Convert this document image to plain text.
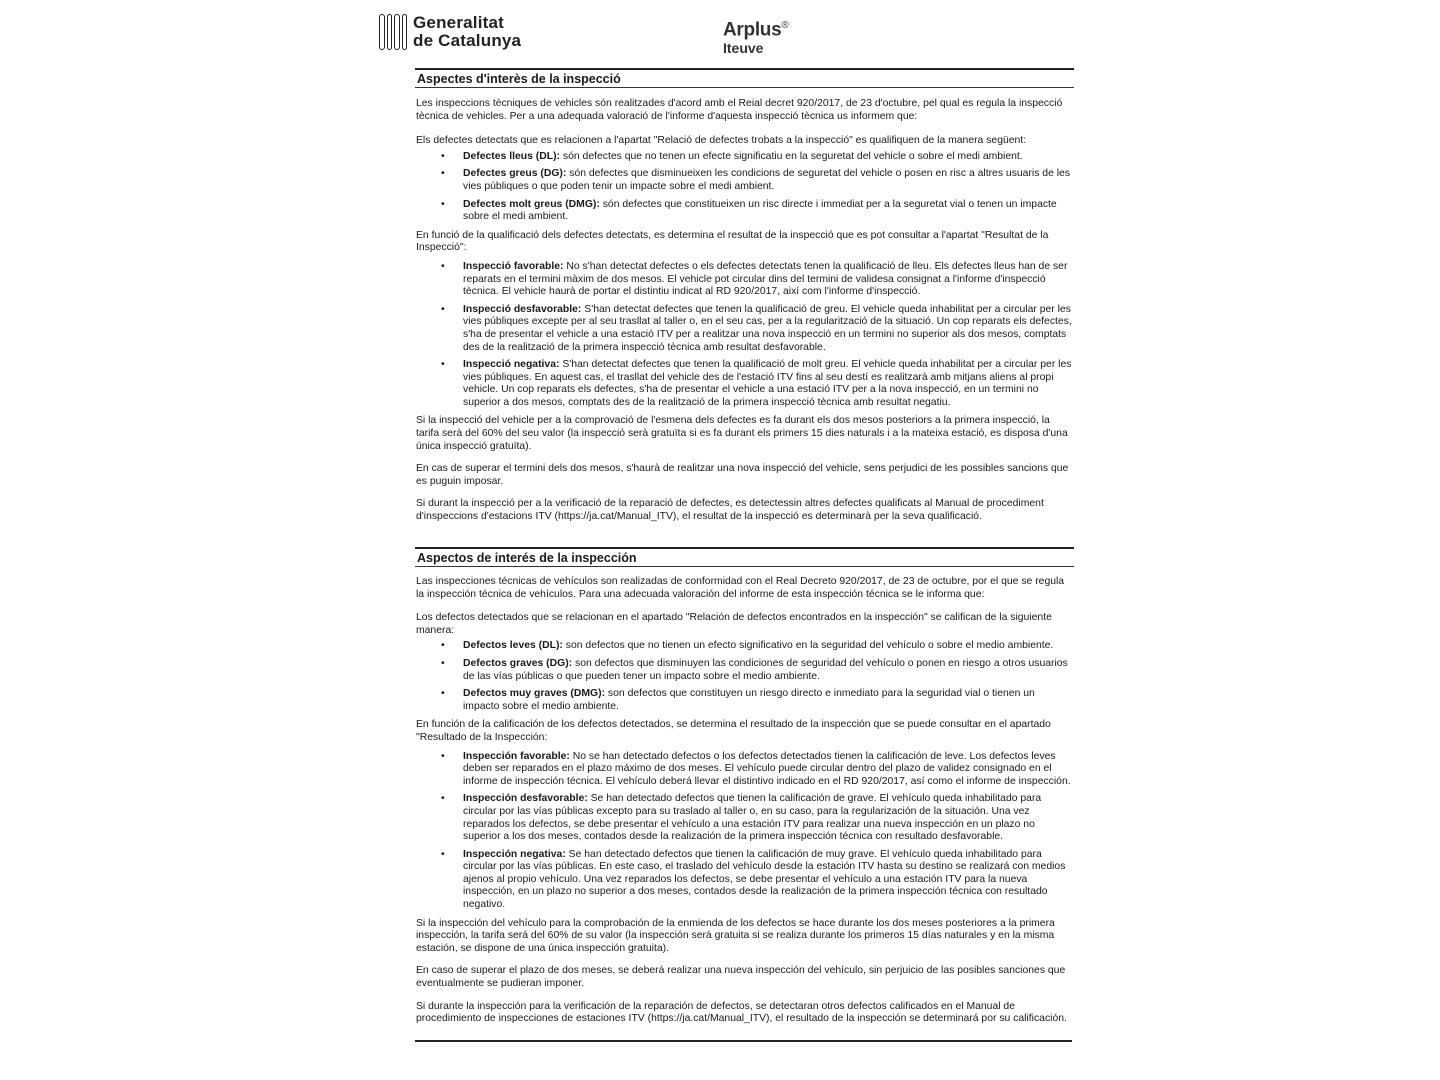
Generalitat
de Catalunya
Arplus®
Iteuve
Aspectes d'interès de la inspecció

Les inspeccions tècniques de vehicles són realitzades d'acord amb el Reial decret 920/2017, de 23 d'octubre, pel qual es regula la inspecció tècnica de vehicles. Per a una adequada valoració de l'informe d'aquesta inspecció tècnica us informem que:

Els defectes detectats que es relacionen a l'apartat "Relació de defectes trobats a la inspecció" es qualifiquen de la manera següent:

• Defectes lleus (DL): són defectes que no tenen un efecte significatiu en la seguretat del vehicle o sobre el medi ambient.
• Defectes greus (DG): són defectes que disminueixen les condicions de seguretat del vehicle o posen en risc a altres usuaris de les vies públiques o que poden tenir un impacte sobre el medi ambient.
• Defectes molt greus (DMG): són defectes que constitueixen un risc directe i immediat per a la seguretat vial o tenen un impacte sobre el medi ambient.

En funció de la qualificació dels defectes detectats, es determina el resultat de la inspecció que es pot consultar a l'apartat "Resultat de la Inspecció":

• Inspecció favorable: No s'han detectat defectes o els defectes detectats tenen la qualificació de lleu. Els defectes lleus han de ser reparats en el termini màxim de dos mesos. El vehicle pot circular dins del termini de validesa consignat a l'informe d'inspecció tècnica. El vehicle haurà de portar el distintiu indicat al RD 920/2017, així com l'informe d'inspecció.
• Inspecció desfavorable: S'han detectat defectes que tenen la qualificació de greu. El vehicle queda inhabilitat per a circular per les vies públiques excepte per al seu trasllat al taller o, en el seu cas, per a la regularització de la situació. Un cop reparats els defectes, s'ha de presentar el vehicle a una estació ITV per a realitzar una nova inspecció en un termini no superior als dos mesos, comptats des de la realització de la primera inspecció tècnica amb resultat desfavorable.
• Inspecció negativa: S'han detectat defectes que tenen la qualificació de molt greu. El vehicle queda inhabilitat per a circular per les vies públiques. En aquest cas, el trasllat del vehicle des de l'estació ITV fins al seu destí es realitzarà amb mitjans aliens al propi vehicle. Un cop reparats els defectes, s'ha de presentar el vehicle a una estació ITV per a la nova inspecció, en un termini no superior a dos mesos, comptats des de la realització de la primera inspecció tècnica amb resultat negatiu.

Si la inspecció del vehicle per a la comprovació de l'esmena dels defectes es fa durant els dos mesos posteriors a la primera inspecció, la tarifa serà del 60% del seu valor (la inspecció serà gratuïta si es fa durant els primers 15 dies naturals i a la mateixa estació, es disposa d'una única inspecció gratuïta).

En cas de superar el termini dels dos mesos, s'haurà de realitzar una nova inspecció del vehicle, sens perjudici de les possibles sancions que es puguin imposar.

Si durant la inspecció per a la verificació de la reparació de defectes, es detectessin altres defectes qualificats al Manual de procediment d'inspeccions d'estacions ITV (https://ja.cat/Manual_ITV), el resultat de la inspecció es determinarà per la seva qualificació.

Aspectos de interés de la inspección

Las inspecciones técnicas de vehículos son realizadas de conformidad con el Real Decreto 920/2017, de 23 de octubre, por el que se regula la inspección técnica de vehículos. Para una adecuada valoración del informe de esta inspección técnica se le informa que:

Los defectos detectados que se relacionan en el apartado "Relación de defectos encontrados en la inspección" se califican de la siguiente manera:

• Defectos leves (DL): son defectos que no tienen un efecto significativo en la seguridad del vehículo o sobre el medio ambiente.
• Defectos graves (DG): son defectos que disminuyen las condiciones de seguridad del vehículo o ponen en riesgo a otros usuarios de las vías públicas o que pueden tener un impacto sobre el medio ambiente.
• Defectos muy graves (DMG): son defectos que constituyen un riesgo directo e inmediato para la seguridad vial o tienen un impacto sobre el medio ambiente.

En función de la calificación de los defectos detectados, se determina el resultado de la inspección que se puede consultar en el apartado "Resultado de la Inspección:

• Inspección favorable: No se han detectado defectos o los defectos detectados tienen la calificación de leve. Los defectos leves deben ser reparados en el plazo máximo de dos meses. El vehículo puede circular dentro del plazo de validez consignado en el informe de inspección técnica. El vehículo deberá llevar el distintivo indicado en el RD 920/2017, así como el informe de inspección.
• Inspección desfavorable: Se han detectado defectos que tienen la calificación de grave. El vehículo queda inhabilitado para circular por las vías públicas excepto para su traslado al taller o, en su caso, para la regularización de la situación. Una vez reparados los defectos, se debe presentar el vehículo a una estación ITV para realizar una nueva inspección en un plazo no superior a los dos meses, contados desde la realización de la primera inspección técnica con resultado desfavorable.
• Inspección negativa: Se han detectado defectos que tienen la calificación de muy grave. El vehículo queda inhabilitado para circular por las vías públicas. En este caso, el traslado del vehículo desde la estación ITV hasta su destino se realizará con medios ajenos al propio vehículo. Una vez reparados los defectos, se debe presentar el vehículo a una estación ITV para la nueva inspección, en un plazo no superior a dos meses, contados desde la realización de la primera inspección técnica con resultado negativo.

Si la inspección del vehículo para la comprobación de la enmienda de los defectos se hace durante los dos meses posteriores a la primera inspección, la tarifa será del 60% de su valor (la inspección será gratuita si se realiza durante los primeros 15 días naturales y en la misma estación, se dispone de una única inspección gratuita).

En caso de superar el plazo de dos meses, se deberá realizar una nueva inspección del vehículo, sin perjuicio de las posibles sanciones que eventualmente se pudieran imponer.

Si durante la inspección para la verificación de la reparación de defectos, se detectaran otros defectos calificados en el Manual de procedimiento de inspecciones de estaciones ITV (https://ja.cat/Manual_ITV), el resultado de la inspección se determinará por su calificación.
